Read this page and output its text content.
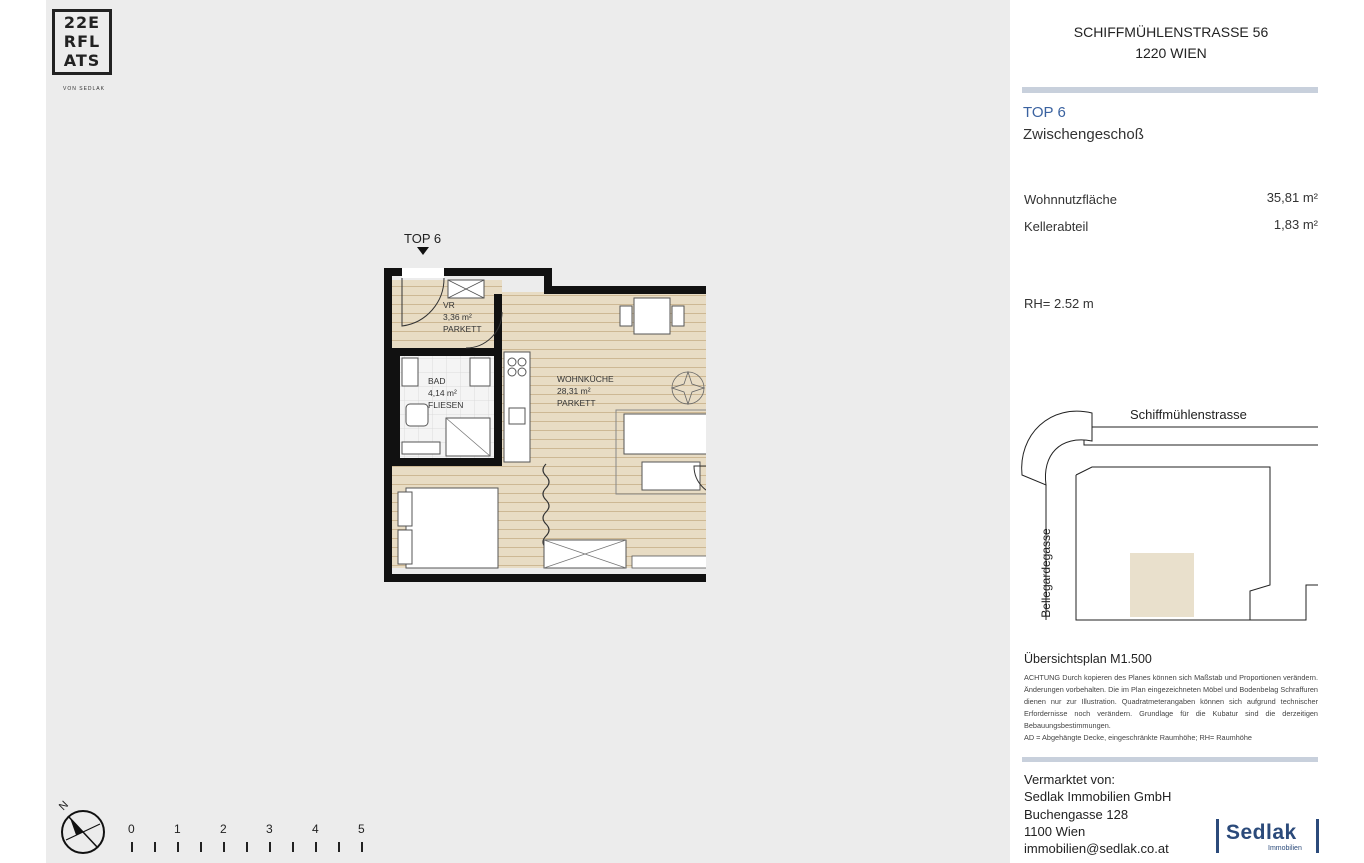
22E
RFL
ATS
VON SEDLAK
TOP 6
VR
3,36 m²
PARKETT
BAD
4,14 m²
FLIESEN
WOHNKÜCHE
28,31 m²
PARKETT
N
0	1	2	3	4	5
SCHIFFMÜHLENSTRASSE 56
1220 WIEN
TOP 6
Zwischengeschoß
Wohnnutzfläche	35,81 m²
Kellerabteil	1,83 m²
RH= 2.52 m
Schiffmühlenstrasse
Bellegardegasse
Übersichtsplan M1.500
ACHTUNG Durch kopieren des Planes können sich Maßstab und Proportionen verändern. Änderungen vorbehalten. Die im Plan eingezeichneten Möbel und Bodenbelag Schraffuren dienen nur zur Illustration. Quadratmeterangaben können sich aufgrund technischer Erfordernisse noch verändern. Grundlage für die Kubatur sind die derzeitigen Bebauungsbestimmungen.
AD = Abgehängte Decke, eingeschränkte Raumhöhe; RH= Raumhöhe
Vermarktet von:
Sedlak Immobilien GmbH
Buchengasse 128
1100 Wien
immobilien@sedlak.co.at
Sedlak
Immobilien
